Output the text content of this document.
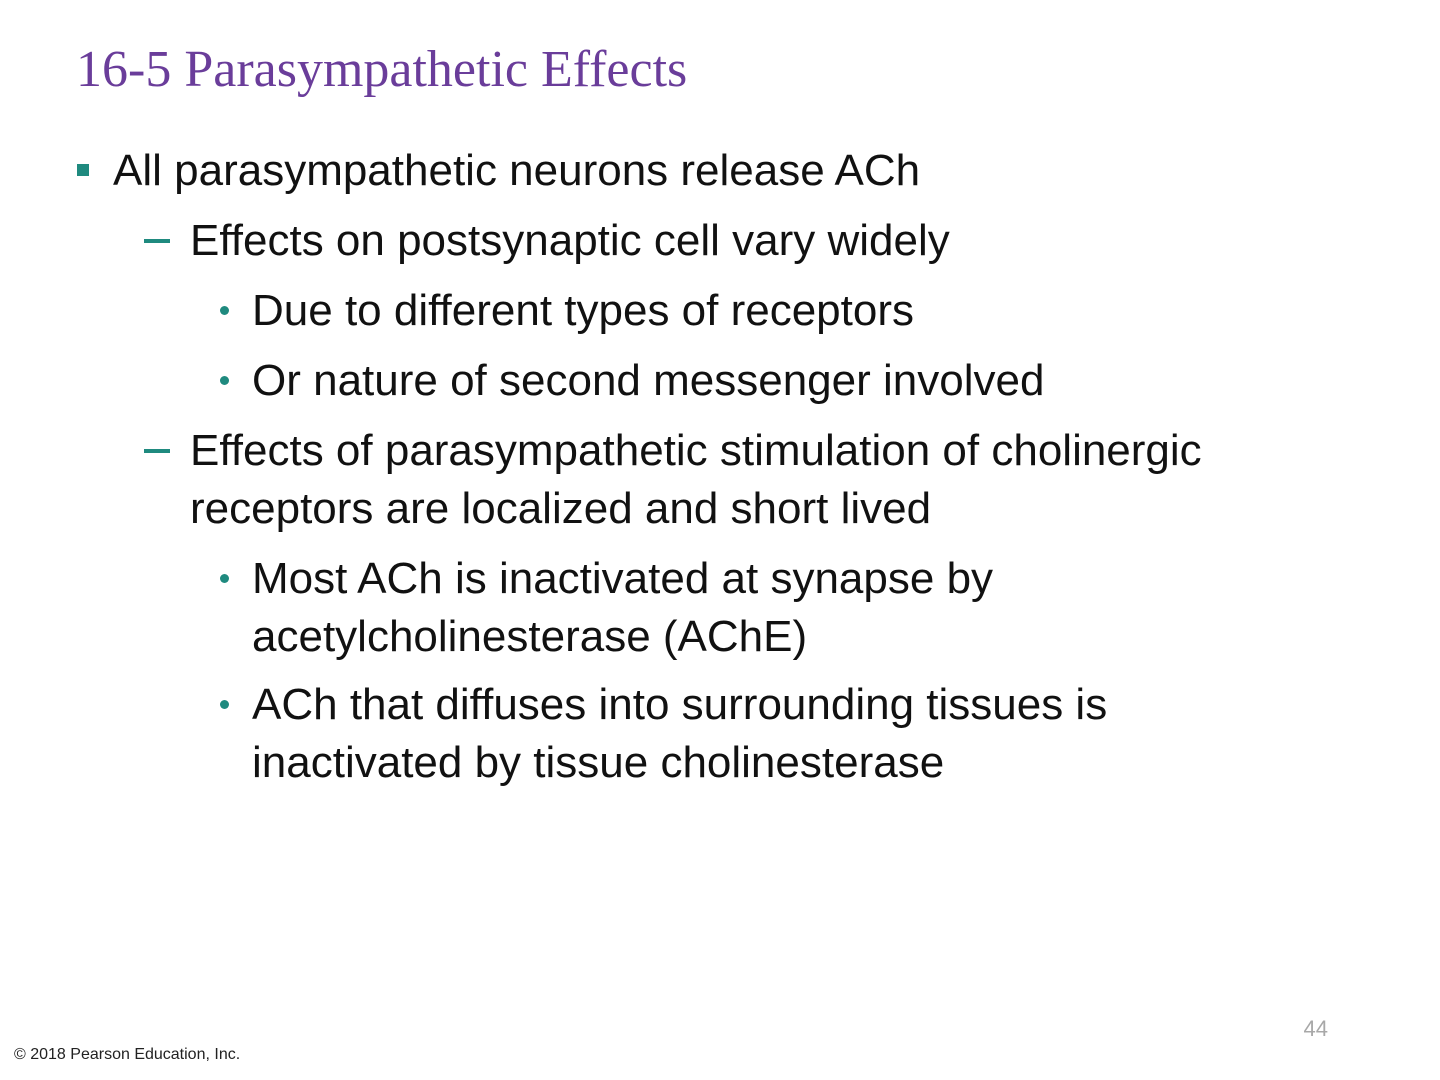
16-5 Parasympathetic Effects
All parasympathetic neurons release ACh
Effects on postsynaptic cell vary widely
Due to different types of receptors
Or nature of second messenger involved
Effects of parasympathetic stimulation of cholinergic receptors are localized and short lived
Most ACh is inactivated at synapse by acetylcholinesterase (AChE)
ACh that diffuses into surrounding tissues is inactivated by tissue cholinesterase
44
© 2018 Pearson Education, Inc.
